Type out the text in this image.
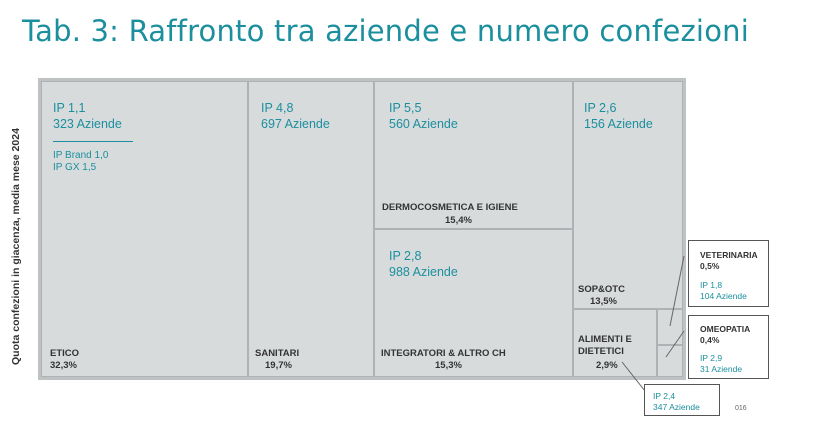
Tab. 3: Raffronto tra aziende e numero confezioni
Quota confezioni in giacenza, media mese 2024
IP 1,1
323 Aziende
IP Brand 1,0
IP GX 1,5
ETICO
32,3%
IP 4,8
697 Aziende
SANITARI
19,7%
IP 5,5
560 Aziende
DERMOCOSMETICA E IGIENE
15,4%
IP 2,8
988 Aziende
INTEGRATORI & ALTRO CH
15,3%
IP 2,6
156 Aziende
SOP&OTC
13,5%
ALIMENTI E DIETETICI
2,9%
VETERINARIA
0,5%
IP 1,8
104 Aziende
OMEOPATIA
0,4%
IP 2,9
31 Aziende
IP 2,4
347 Aziende	016
